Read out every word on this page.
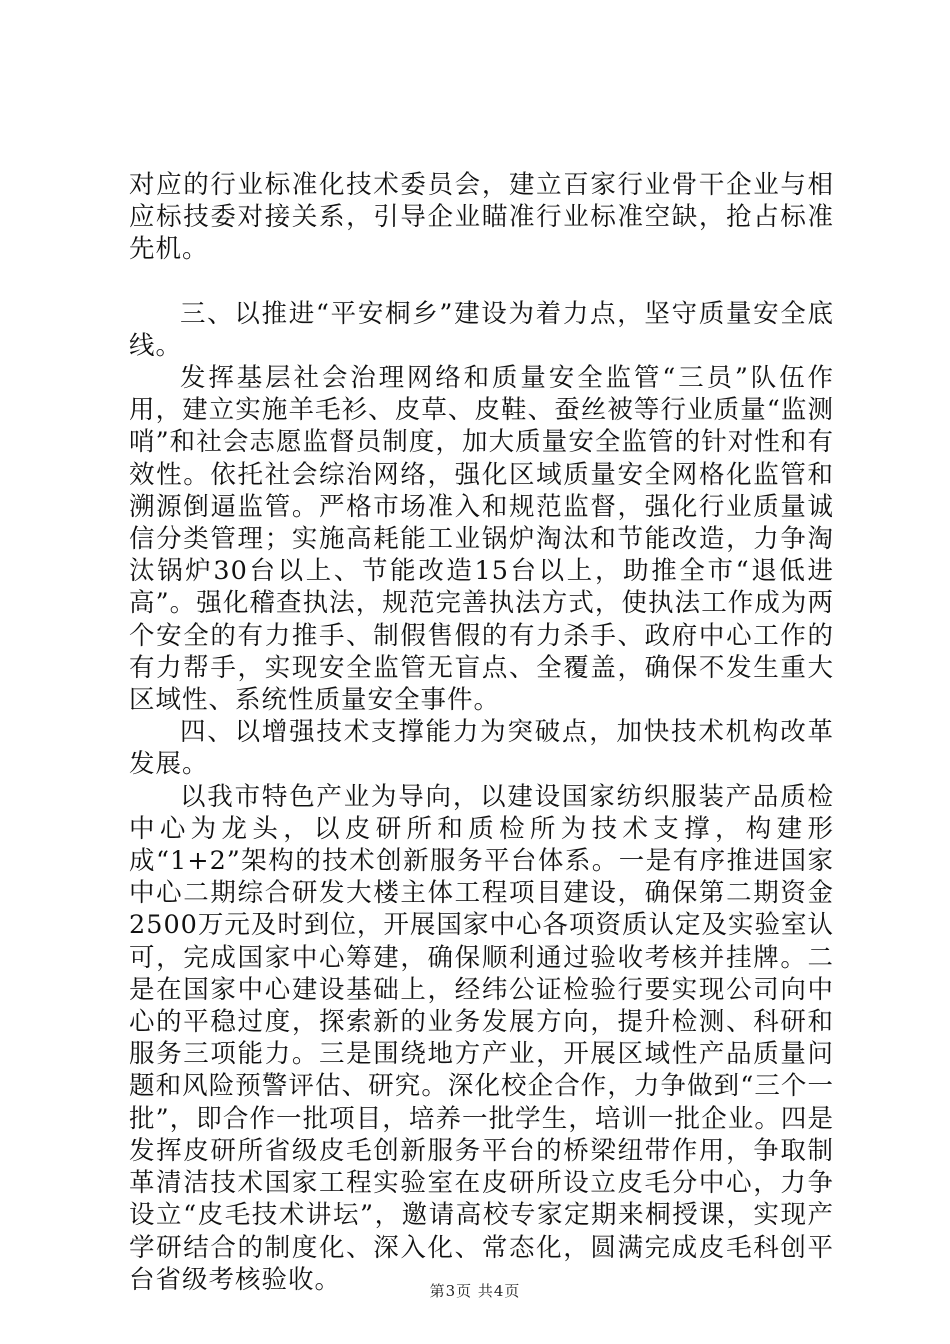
对应的行业标准化技术委员会，建立百家行业骨干企业与相应标技委对接关系，引导企业瞄准行业标准空缺，抢占标准先机。

三、以推进“平安桐乡”建设为着力点，坚守质量安全底线。

发挥基层社会治理网络和质量安全监管“三员”队伍作用，建立实施羊毛衫、皮草、皮鞋、蚕丝被等行业质量“监测哨”和社会志愿监督员制度，加大质量安全监管的针对性和有效性。依托社会综治网络，强化区域质量安全网格化监管和溯源倒逼监管。严格市场准入和规范监督，强化行业质量诚信分类管理；实施高耗能工业锅炉淘汰和节能改造，力争淘汰锅炉30台以上、节能改造15台以上，助推全市“退低进高”。强化稽查执法，规范完善执法方式，使执法工作成为两个安全的有力推手、制假售假的有力杀手、政府中心工作的有力帮手，实现安全监管无盲点、全覆盖，确保不发生重大区域性、系统性质量安全事件。

四、以增强技术支撑能力为突破点，加快技术机构改革发展。

以我市特色产业为导向，以建设国家纺织服装产品质检中心为龙头，以皮研所和质检所为技术支撑，构建形成“1+2”架构的技术创新服务平台体系。一是有序推进国家中心二期综合研发大楼主体工程项目建设，确保第二期资金2500万元及时到位，开展国家中心各项资质认定及实验室认可，完成国家中心筹建，确保顺利通过验收考核并挂牌。二是在国家中心建设基础上，经纬公证检验行要实现公司向中心的平稳过度，探索新的业务发展方向，提升检测、科研和服务三项能力。三是围绕地方产业，开展区域性产品质量问题和风险预警评估、研究。深化校企合作，力争做到“三个一批”，即合作一批项目，培养一批学生，培训一批企业。四是发挥皮研所省级皮毛创新服务平台的桥梁纽带作用，争取制革清洁技术国家工程实验室在皮研所设立皮毛分中心，力争设立“皮毛技术讲坛”，邀请高校专家定期来桐授课，实现产学研结合的制度化、深入化、常态化，圆满完成皮毛科创平台省级考核验收。	第3页 共4页
